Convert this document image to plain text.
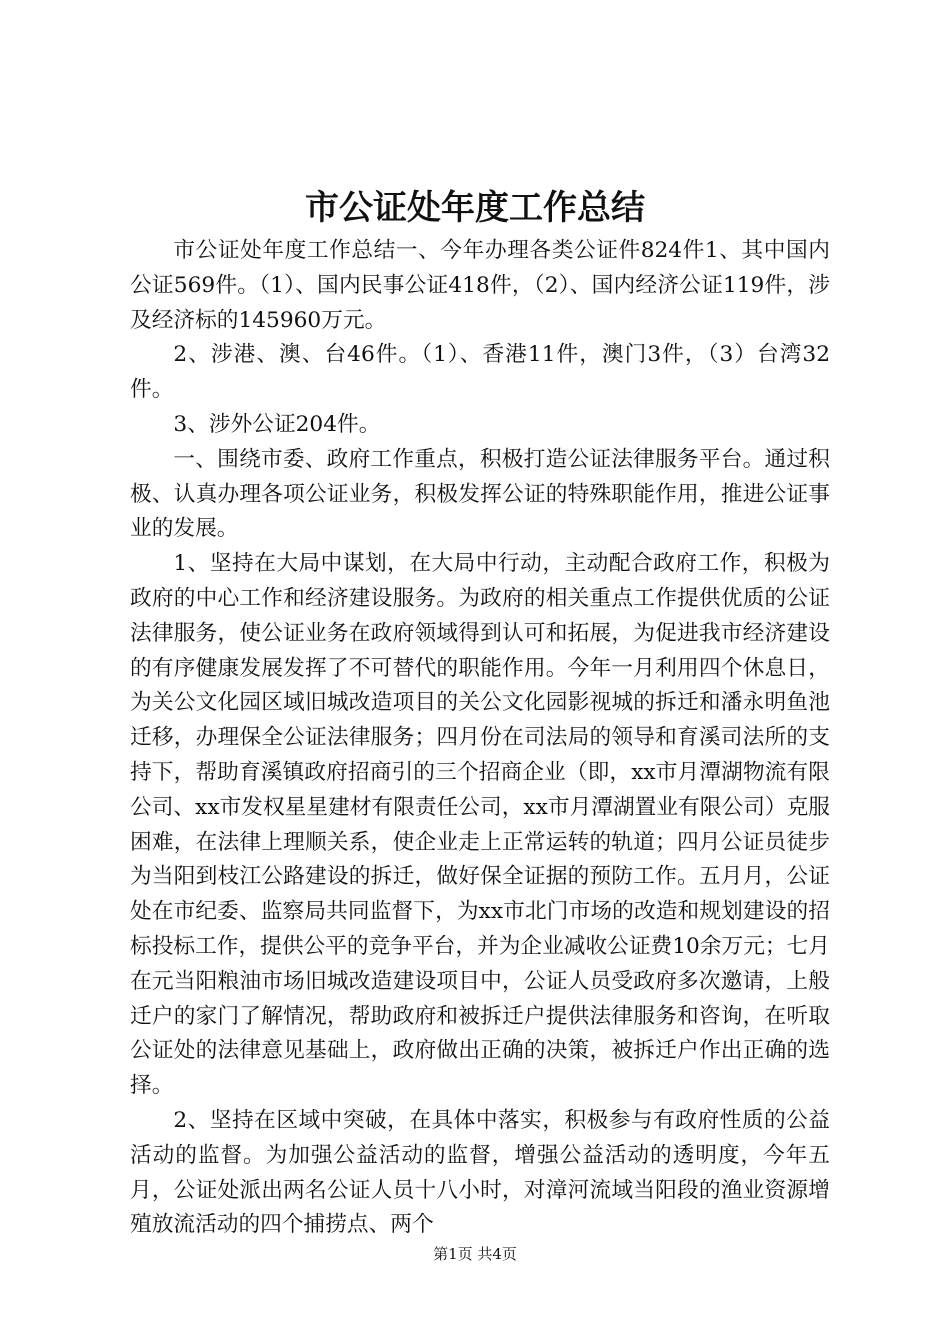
市公证处年度工作总结

市公证处年度工作总结一、今年办理各类公证件824件1、其中国内公证569件。（1）、国内民事公证418件，（2）、国内经济公证119件，涉及经济标的145960万元。

2、涉港、澳、台46件。（1）、香港11件，澳门3件，（3）台湾32件。

3、涉外公证204件。

一、围绕市委、政府工作重点，积极打造公证法律服务平台。通过积极、认真办理各项公证业务，积极发挥公证的特殊职能作用，推进公证事业的发展。

1、坚持在大局中谋划，在大局中行动，主动配合政府工作，积极为政府的中心工作和经济建设服务。为政府的相关重点工作提供优质的公证法律服务，使公证业务在政府领域得到认可和拓展，为促进我市经济建设的有序健康发展发挥了不可替代的职能作用。今年一月利用四个休息日，为关公文化园区域旧城改造项目的关公文化园影视城的拆迁和潘永明鱼池迁移，办理保全公证法律服务；四月份在司法局的领导和育溪司法所的支持下，帮助育溪镇政府招商引的三个招商企业（即，xx市月潭湖物流有限公司、xx市发权星星建材有限责任公司，xx市月潭湖置业有限公司）克服困难，在法律上理顺关系，使企业走上正常运转的轨道；四月公证员徒步为当阳到枝江公路建设的拆迁，做好保全证据的预防工作。五月月，公证处在市纪委、监察局共同监督下，为xx市北门市场的改造和规划建设的招标投标工作，提供公平的竞争平台，并为企业减收公证费10余万元；七月在元当阳粮油市场旧城改造建设项目中，公证人员受政府多次邀请，上般迁户的家门了解情况，帮助政府和被拆迁户提供法律服务和咨询，在听取公证处的法律意见基础上，政府做出正确的决策，被拆迁户作出正确的选择。

2、坚持在区域中突破，在具体中落实，积极参与有政府性质的公益活动的监督。为加强公益活动的监督，增强公益活动的透明度，今年五月，公证处派出两名公证人员十八小时，对漳河流域当阳段的渔业资源增殖放流活动的四个捕捞点、两个

第1页 共4页
